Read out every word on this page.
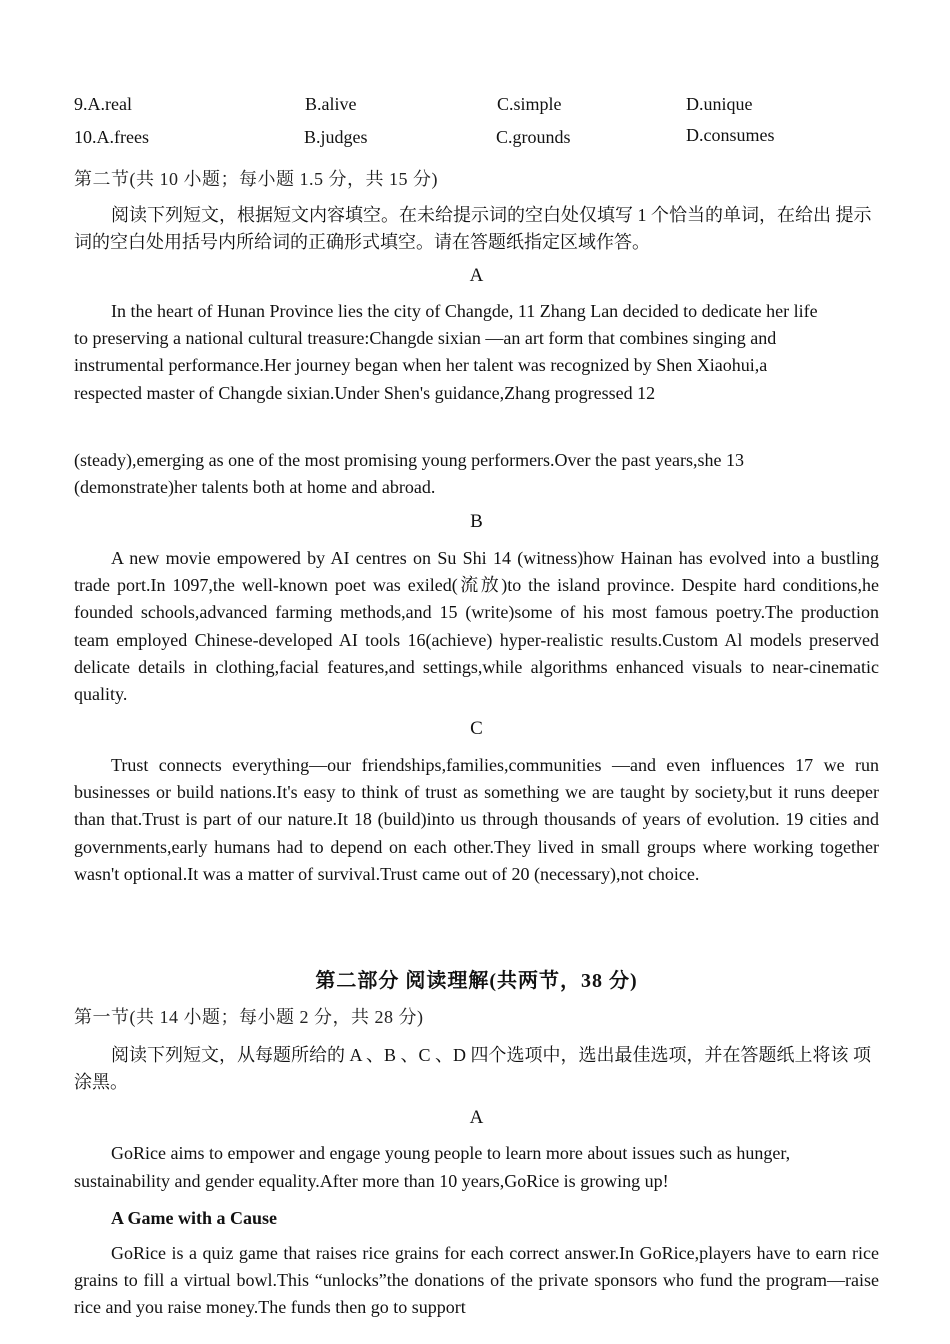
9.A.real	B.alive	C.simple	D.unique
10.A.frees	B.judges	C.grounds	D.consumes
第二节(共 10 小题；每小题 1.5 分，共 15 分)
阅读下列短文，根据短文内容填空。在未给提示词的空白处仅填写 1 个恰当的单词，在给出 提示词的空白处用括号内所给词的正确形式填空。请在答题纸指定区域作答。
A
In the heart of Hunan Province lies the city of Changde, 11 Zhang Lan decided to dedicate her life to preserving a national cultural treasure:Changde sixian —an art form that combines singing and instrumental performance.Her journey began when her talent was recognized by Shen Xiaohui,a respected master of Changde sixian.Under Shen's guidance,Zhang progressed 12
(steady),emerging as one of the most promising young performers.Over the past years,she 13 (demonstrate)her talents both at home and abroad.
B
A new movie empowered by AI centres on Su Shi 14 (witness)how Hainan has evolved into a bustling trade port.In 1097,the well-known poet was exiled(流放)to the island province. Despite hard conditions,he founded schools,advanced farming methods,and 15 (write)some of his most famous poetry.The production team employed Chinese-developed AI tools 16(achieve) hyper-realistic results.Custom Al models preserved delicate details in clothing,facial features,and settings,while algorithms enhanced visuals to near-cinematic quality.
C
Trust connects everything—our friendships,families,communities —and even influences 17 we run businesses or build nations.It's easy to think of trust as something we are taught by society,but it runs deeper than that.Trust is part of our nature.It 18 (build)into us through thousands of years of evolution. 19 cities and governments,early humans had to depend on each other.They lived in small groups where working together wasn't optional.It was a matter of survival.Trust came out of 20 (necessary),not choice.
第二部分 阅读理解(共两节，38 分)
第一节(共 14 小题；每小题 2 分，共 28 分)
阅读下列短文，从每题所给的 A 、B 、C 、D 四个选项中，选出最佳选项，并在答题纸上将该 项涂黑。
A
GoRice aims to empower and engage young people to learn more about issues such as hunger, sustainability and gender equality.After more than 10 years,GoRice is growing up!
A Game with a Cause
GoRice is a quiz game that raises rice grains for each correct answer.In GoRice,players have to earn rice grains to fill a virtual bowl.This “unlocks”the donations of the private sponsors who fund the program—raise rice and you raise money.The funds then go to support
